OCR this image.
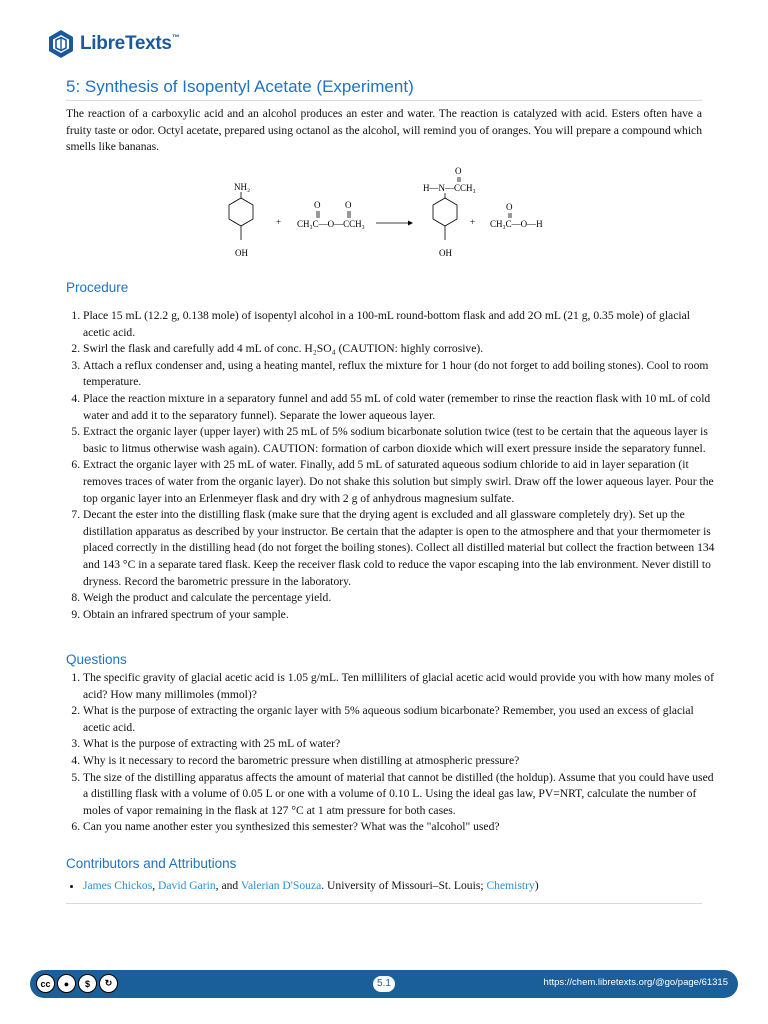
LibreTexts™
5: Synthesis of Isopentyl Acetate (Experiment)
The reaction of a carboxylic acid and an alcohol produces an ester and water. The reaction is catalyzed with acid. Esters often have a fruity taste or odor. Octyl acetate, prepared using octanol as the alcohol, will remind you of oranges. You will prepare a compound which smells like bananas.
NH₂
OH
+
O	O
CH₃C—O—CCH₃
O
H—N—CCH₃
OH
+
O
CH₃C—O—H
Procedure
1. Place 15 mL (12.2 g, 0.138 mole) of isopentyl alcohol in a 100-mL round-bottom flask and add 2O mL (21 g, 0.35 mole) of glacial acetic acid.
2. Swirl the flask and carefully add 4 mL of conc. H₂SO₄ (CAUTION: highly corrosive).
3. Attach a reflux condenser and, using a heating mantel, reflux the mixture for 1 hour (do not forget to add boiling stones). Cool to room temperature.
4. Place the reaction mixture in a separatory funnel and add 55 mL of cold water (remember to rinse the reaction flask with 10 mL of cold water and add it to the separatory funnel). Separate the lower aqueous layer.
5. Extract the organic layer (upper layer) with 25 mL of 5% sodium bicarbonate solution twice (test to be certain that the aqueous layer is basic to litmus otherwise wash again). CAUTION: formation of carbon dioxide which will exert pressure inside the separatory funnel.
6. Extract the organic layer with 25 mL of water. Finally, add 5 mL of saturated aqueous sodium chloride to aid in layer separation (it removes traces of water from the organic layer). Do not shake this solution but simply swirl. Draw off the lower aqueous layer. Pour the top organic layer into an Erlenmeyer flask and dry with 2 g of anhydrous magnesium sulfate.
7. Decant the ester into the distilling flask (make sure that the drying agent is excluded and all glassware completely dry). Set up the distillation apparatus as described by your instructor. Be certain that the adapter is open to the atmosphere and that your thermometer is placed correctly in the distilling head (do not forget the boiling stones). Collect all distilled material but collect the fraction between 134 and 143 °C in a separate tared flask. Keep the receiver flask cold to reduce the vapor escaping into the lab environment. Never distill to dryness. Record the barometric pressure in the laboratory.
8. Weigh the product and calculate the percentage yield.
9. Obtain an infrared spectrum of your sample.
Questions
1. The specific gravity of glacial acetic acid is 1.05 g/mL. Ten milliliters of glacial acetic acid would provide you with how many moles of acid? How many millimoles (mmol)?
2. What is the purpose of extracting the organic layer with 5% aqueous sodium bicarbonate? Remember, you used an excess of glacial acetic acid.
3. What is the purpose of extracting with 25 mL of water?
4. Why is it necessary to record the barometric pressure when distilling at atmospheric pressure?
5. The size of the distilling apparatus affects the amount of material that cannot be distilled (the holdup). Assume that you could have used a distilling flask with a volume of 0.05 L or one with a volume of 0.10 L. Using the ideal gas law, PV=NRT, calculate the number of moles of vapor remaining in the flask at 127 °C at 1 atm pressure for both cases.
6. Can you name another ester you synthesized this semester? What was the "alcohol" used?
Contributors and Attributions
• James Chickos, David Garin, and Valerian D'Souza. University of Missouri–St. Louis; Chemistry)
cc	●	$	↻	5.1	https://chem.libretexts.org/@go/page/61315
